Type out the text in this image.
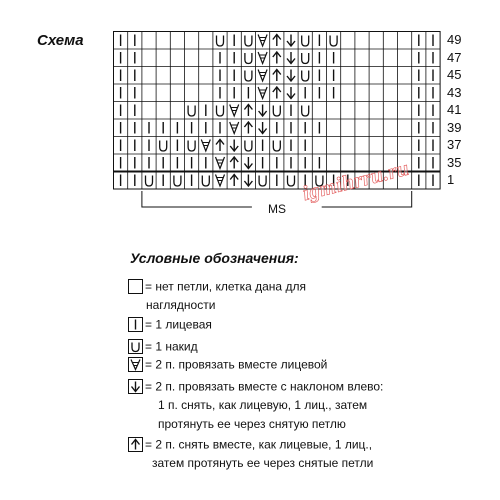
Схема	49
47
45
43
41
39
37
35
1
MS
igmihrru.ru
Условные обозначения:
= нет петли, клетка дана для
наглядности
= 1 лицевая
= 1 накид
= 2 п. провязать вместе лицевой
= 2 п. провязать вместе с наклоном влево:
1 п. снять, как лицевую, 1 лиц., затем
протянуть ее через снятую петлю
= 2 п. снять вместе, как лицевые, 1 лиц.,
затем протянуть ее через снятые петли
